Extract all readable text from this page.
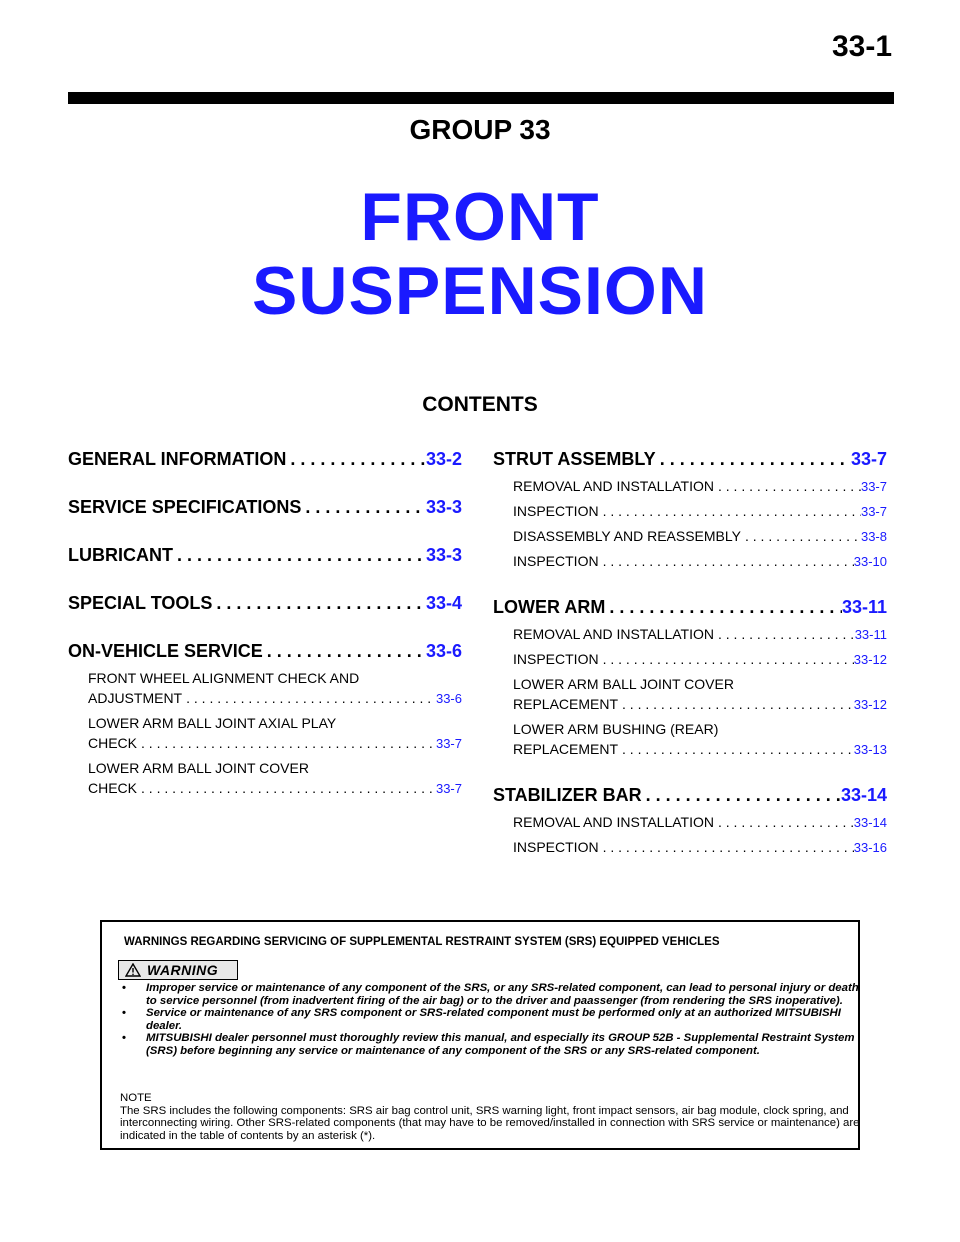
33-1
GROUP 33
FRONT
SUSPENSION
CONTENTS
GENERAL INFORMATION . . .	33-2
SERVICE SPECIFICATIONS . . .	33-3
LUBRICANT . . .	33-3
SPECIAL TOOLS . . .	33-4
ON-VEHICLE SERVICE . . .	33-6
FRONT WHEEL ALIGNMENT CHECK AND
ADJUSTMENT . . .	33-6
LOWER ARM BALL JOINT AXIAL PLAY
CHECK . . .	33-7
LOWER ARM BALL JOINT COVER
CHECK . . .	33-7
STRUT ASSEMBLY . . .	33-7
REMOVAL AND INSTALLATION . . .	33-7
INSPECTION . . .	33-7
DISASSEMBLY AND REASSEMBLY . . .	33-8
INSPECTION . . .	33-10
LOWER ARM . . .	33-11
REMOVAL AND INSTALLATION . . .	33-11
INSPECTION . . .	33-12
LOWER ARM BALL JOINT COVER
REPLACEMENT . . .	33-12
LOWER ARM BUSHING (REAR)
REPLACEMENT . . .	33-13
STABILIZER BAR . . .	33-14
REMOVAL AND INSTALLATION . . .	33-14
INSPECTION . . .	33-16
WARNINGS REGARDING SERVICING OF SUPPLEMENTAL RESTRAINT SYSTEM (SRS) EQUIPPED VEHICLES
WARNING
• Improper service or maintenance of any component of the SRS, or any SRS-related component, can lead to personal injury or death to service personnel (from inadvertent firing of the air bag) or to the driver and paassenger (from rendering the SRS inoperative).
• Service or maintenance of any SRS component or SRS-related component must be performed only at an authorized MITSUBISHI dealer.
• MITSUBISHI dealer personnel must thoroughly review this manual, and especially its GROUP 52B - Supplemental Restraint System (SRS) before beginning any service or maintenance of any component of the SRS or any SRS-related component.
NOTE
The SRS includes the following components: SRS air bag control unit, SRS warning light, front impact sensors, air bag module, clock spring, and interconnecting wiring. Other SRS-related components (that may have to be removed/installed in connection with SRS service or maintenance) are indicated in the table of contents by an asterisk (*).
